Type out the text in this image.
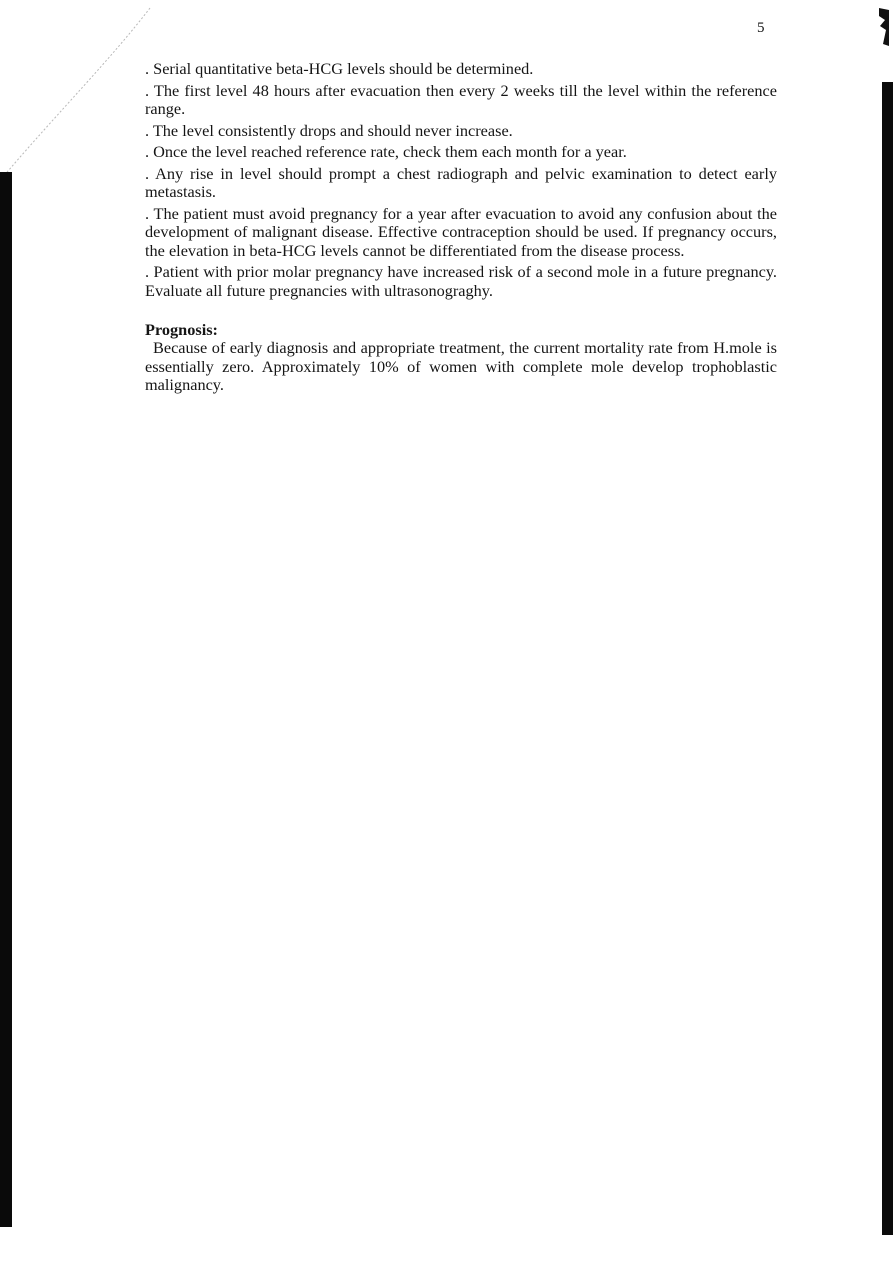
5

. Serial quantitative beta-HCG levels should be determined.

. The first level 48 hours after evacuation then every 2 weeks till the level within the reference range.

. The level consistently drops and should never increase.

. Once the level reached reference rate, check them each month for a year.

. Any rise in level should prompt a chest radiograph and pelvic examination to detect early metastasis.

. The patient must avoid pregnancy for a year after evacuation to avoid any confusion about the development of malignant disease. Effective contraception should be used. If pregnancy occurs, the elevation in beta-HCG levels cannot be differentiated from the disease process.

. Patient with prior molar pregnancy have increased risk of a second mole in a future pregnancy. Evaluate all future pregnancies with ultrasonograghy.

Prognosis:

Because of early diagnosis and appropriate treatment, the current mortality rate from H.mole is essentially zero. Approximately 10% of women with complete mole develop trophoblastic malignancy.
